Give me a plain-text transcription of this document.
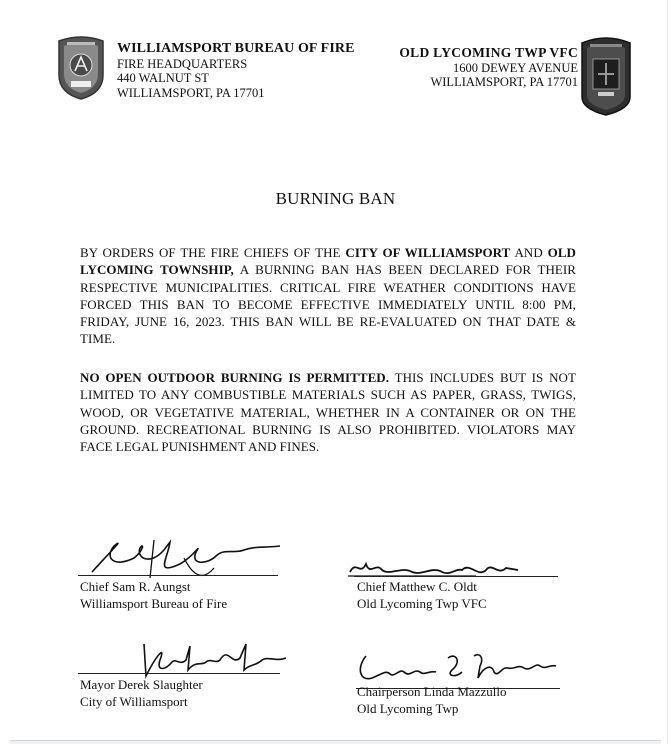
WILLIAMSPORT BUREAU OF FIRE
FIRE HEADQUARTERS
440 WALNUT ST
WILLIAMSPORT, PA 17701
OLD LYCOMING TWP VFC
1600 DEWEY AVENUE
WILLIAMSPORT, PA 17701
BURNING BAN
BY ORDERS OF THE FIRE CHIEFS OF THE CITY OF WILLIAMSPORT AND OLD LYCOMING TOWNSHIP, A BURNING BAN HAS BEEN DECLARED FOR THEIR RESPECTIVE MUNICIPALITIES. CRITICAL FIRE WEATHER CONDITIONS HAVE FORCED THIS BAN TO BECOME EFFECTIVE IMMEDIATELY UNTIL 8:00 PM, FRIDAY, JUNE 16, 2023. THIS BAN WILL BE RE-EVALUATED ON THAT DATE & TIME.
NO OPEN OUTDOOR BURNING IS PERMITTED. THIS INCLUDES BUT IS NOT LIMITED TO ANY COMBUSTIBLE MATERIALS SUCH AS PAPER, GRASS, TWIGS, WOOD, OR VEGETATIVE MATERIAL, WHETHER IN A CONTAINER OR ON THE GROUND. RECREATIONAL BURNING IS ALSO PROHIBITED. VIOLATORS MAY FACE LEGAL PUNISHMENT AND FINES.
Chief Sam R. Aungst
Williamsport Bureau of Fire
Chief Matthew C. Oldt
Old Lycoming Twp VFC
Mayor Derek Slaughter
City of Williamsport
Chairperson Linda Mazzullo
Old Lycoming Twp
